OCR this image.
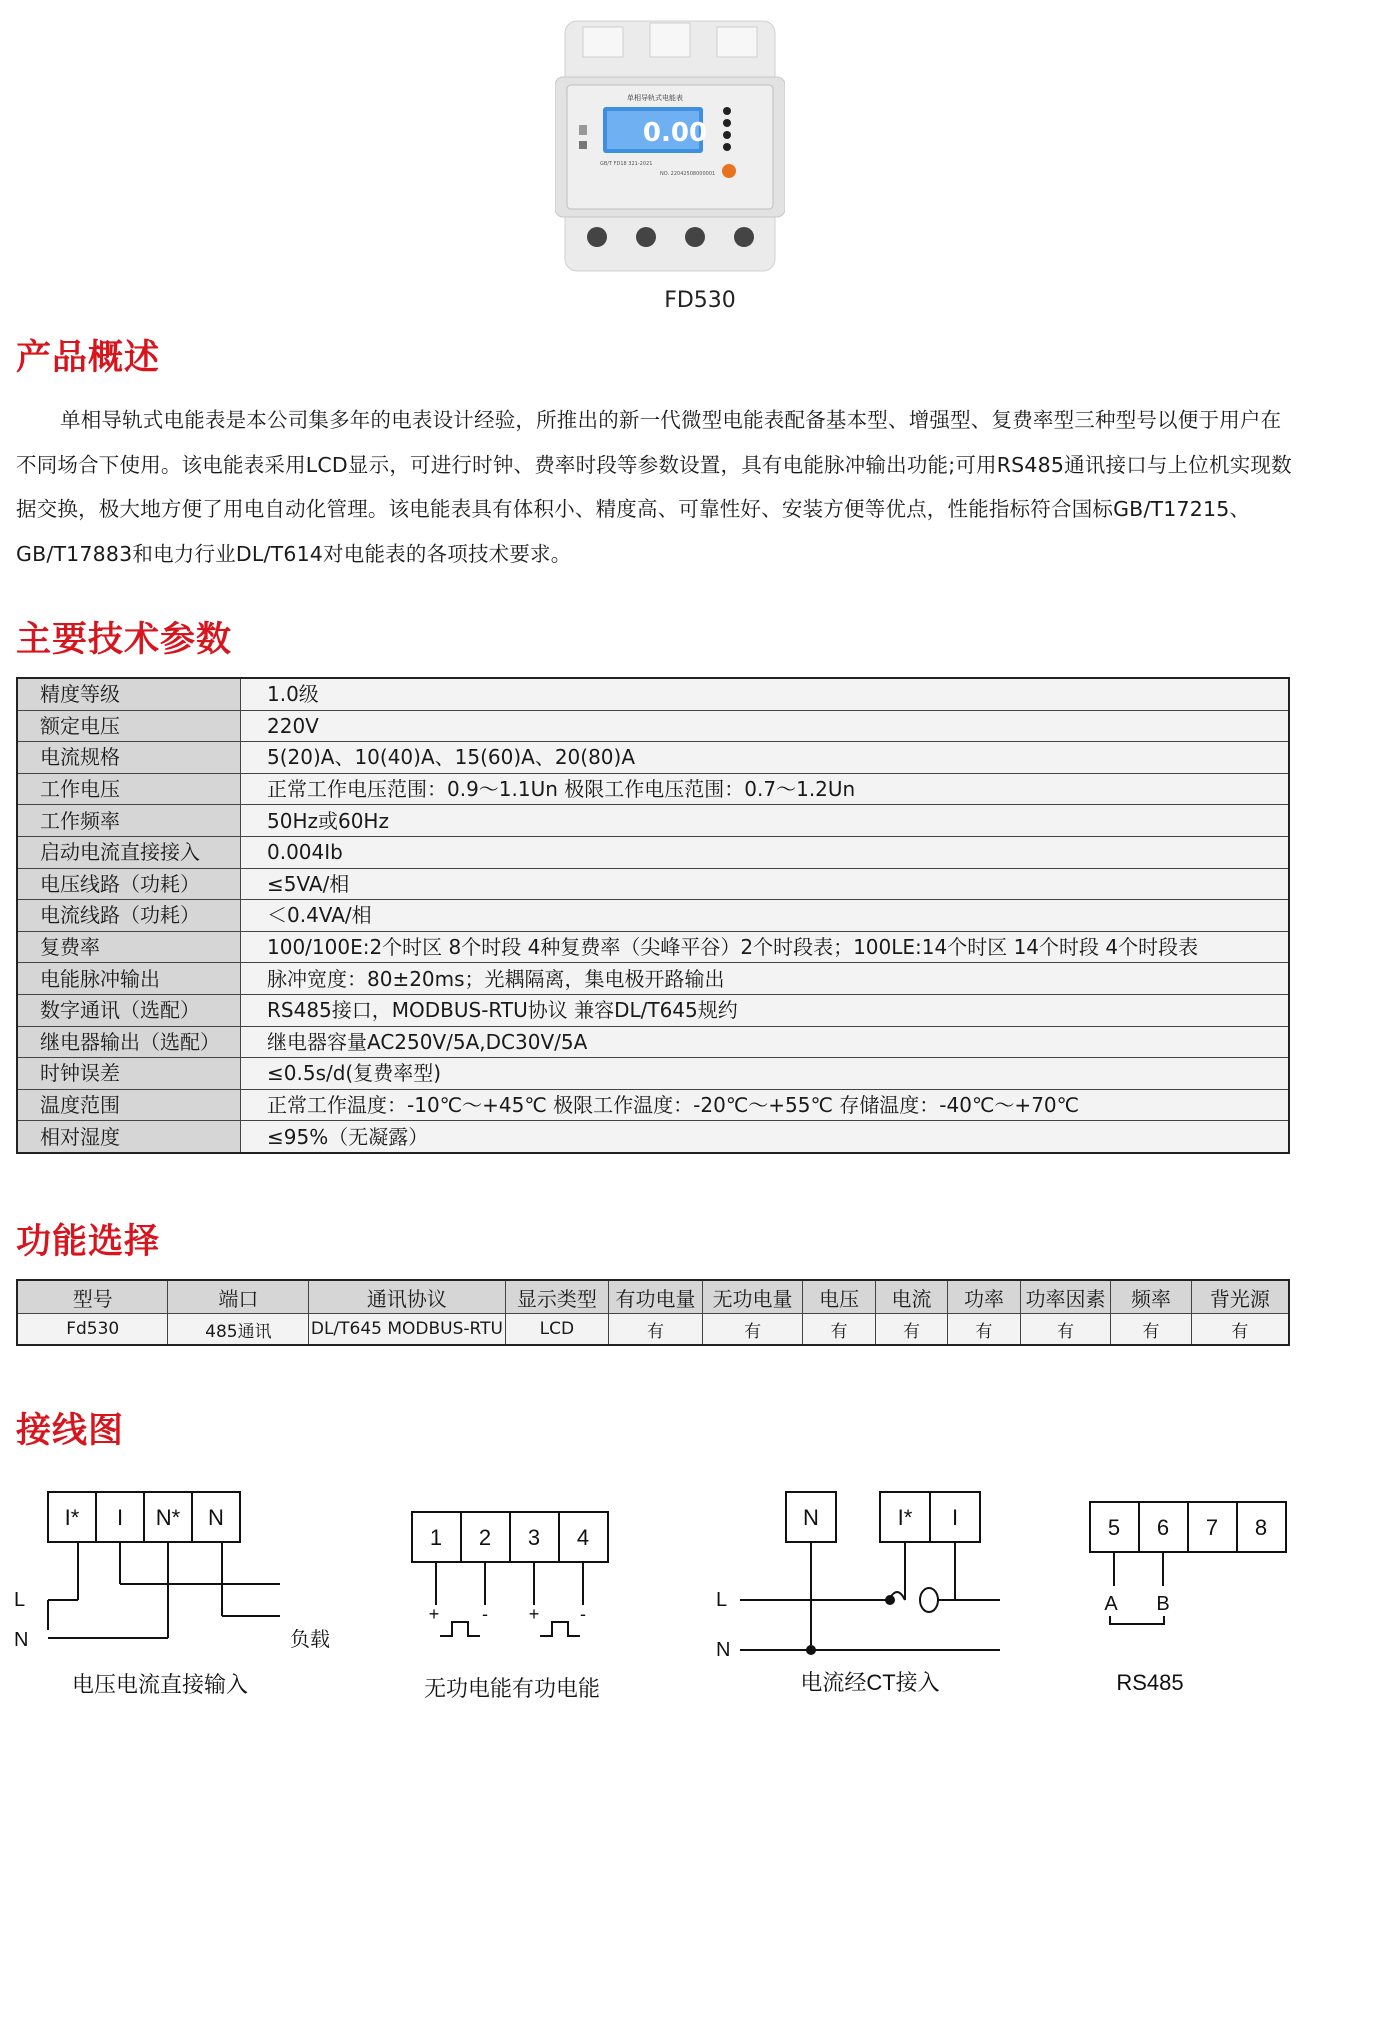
单相导轨式电能表
0.00
GB/T FD18 321-2021
NO. 22042508000001
FD530
产品概述

单相导轨式电能表是本公司集多年的电表设计经验，所推出的新一代微型电能表配备基本型、增强型、复费率型三种型号以便于用户在不同场合下使用。该电能表采用LCD显示，可进行时钟、费率时段等参数设置，具有电能脉冲输出功能;可用RS485通讯接口与上位机实现数据交换，极大地方便了用电自动化管理。该电能表具有体积小、精度高、可靠性好、安装方便等优点，性能指标符合国标GB/T17215、GB/T17883和电力行业DL/T614对电能表的各项技术要求。

主要技术参数
精度等级	1.0级
额定电压	220V
电流规格	5(20)A、10(40)A、15(60)A、20(80)A
工作电压	正常工作电压范围：0.9～1.1Un 极限工作电压范围：0.7～1.2Un
工作频率	50Hz或60Hz
启动电流直接接入	0.004Ib
电压线路（功耗）	≤5VA/相
电流线路（功耗）	＜0.4VA/相
复费率	100/100E:2个时区 8个时段 4种复费率（尖峰平谷）2个时段表；100LE:14个时区 14个时段 4个时段表
电能脉冲输出	脉冲宽度：80±20ms；光耦隔离，集电极开路输出
数字通讯（选配）	RS485接口，MODBUS-RTU协议 兼容DL/T645规约
继电器输出（选配）	继电器容量AC250V/5A,DC30V/5A
时钟误差	≤0.5s/d(复费率型)
温度范围	正常工作温度：-10℃～+45℃ 极限工作温度：-20℃～+55℃ 存储温度：-40℃～+70℃
相对湿度	≤95%（无凝露）
功能选择
型号	端口	通讯协议	显示类型	有功电量	无功电量	电压	电流	功率	功率因素	频率	背光源
Fd530	485通讯	DL/T645 MODBUS-RTU	LCD	有	有	有	有	有	有	有	有
接线图
I* I N* N
L
N	负载
电压电流直接输入
1 2 3 4
+ - + -
无功电能有功电能
N	I* I
L
N
电流经CT接入
5 6 7 8
A B
RS485
